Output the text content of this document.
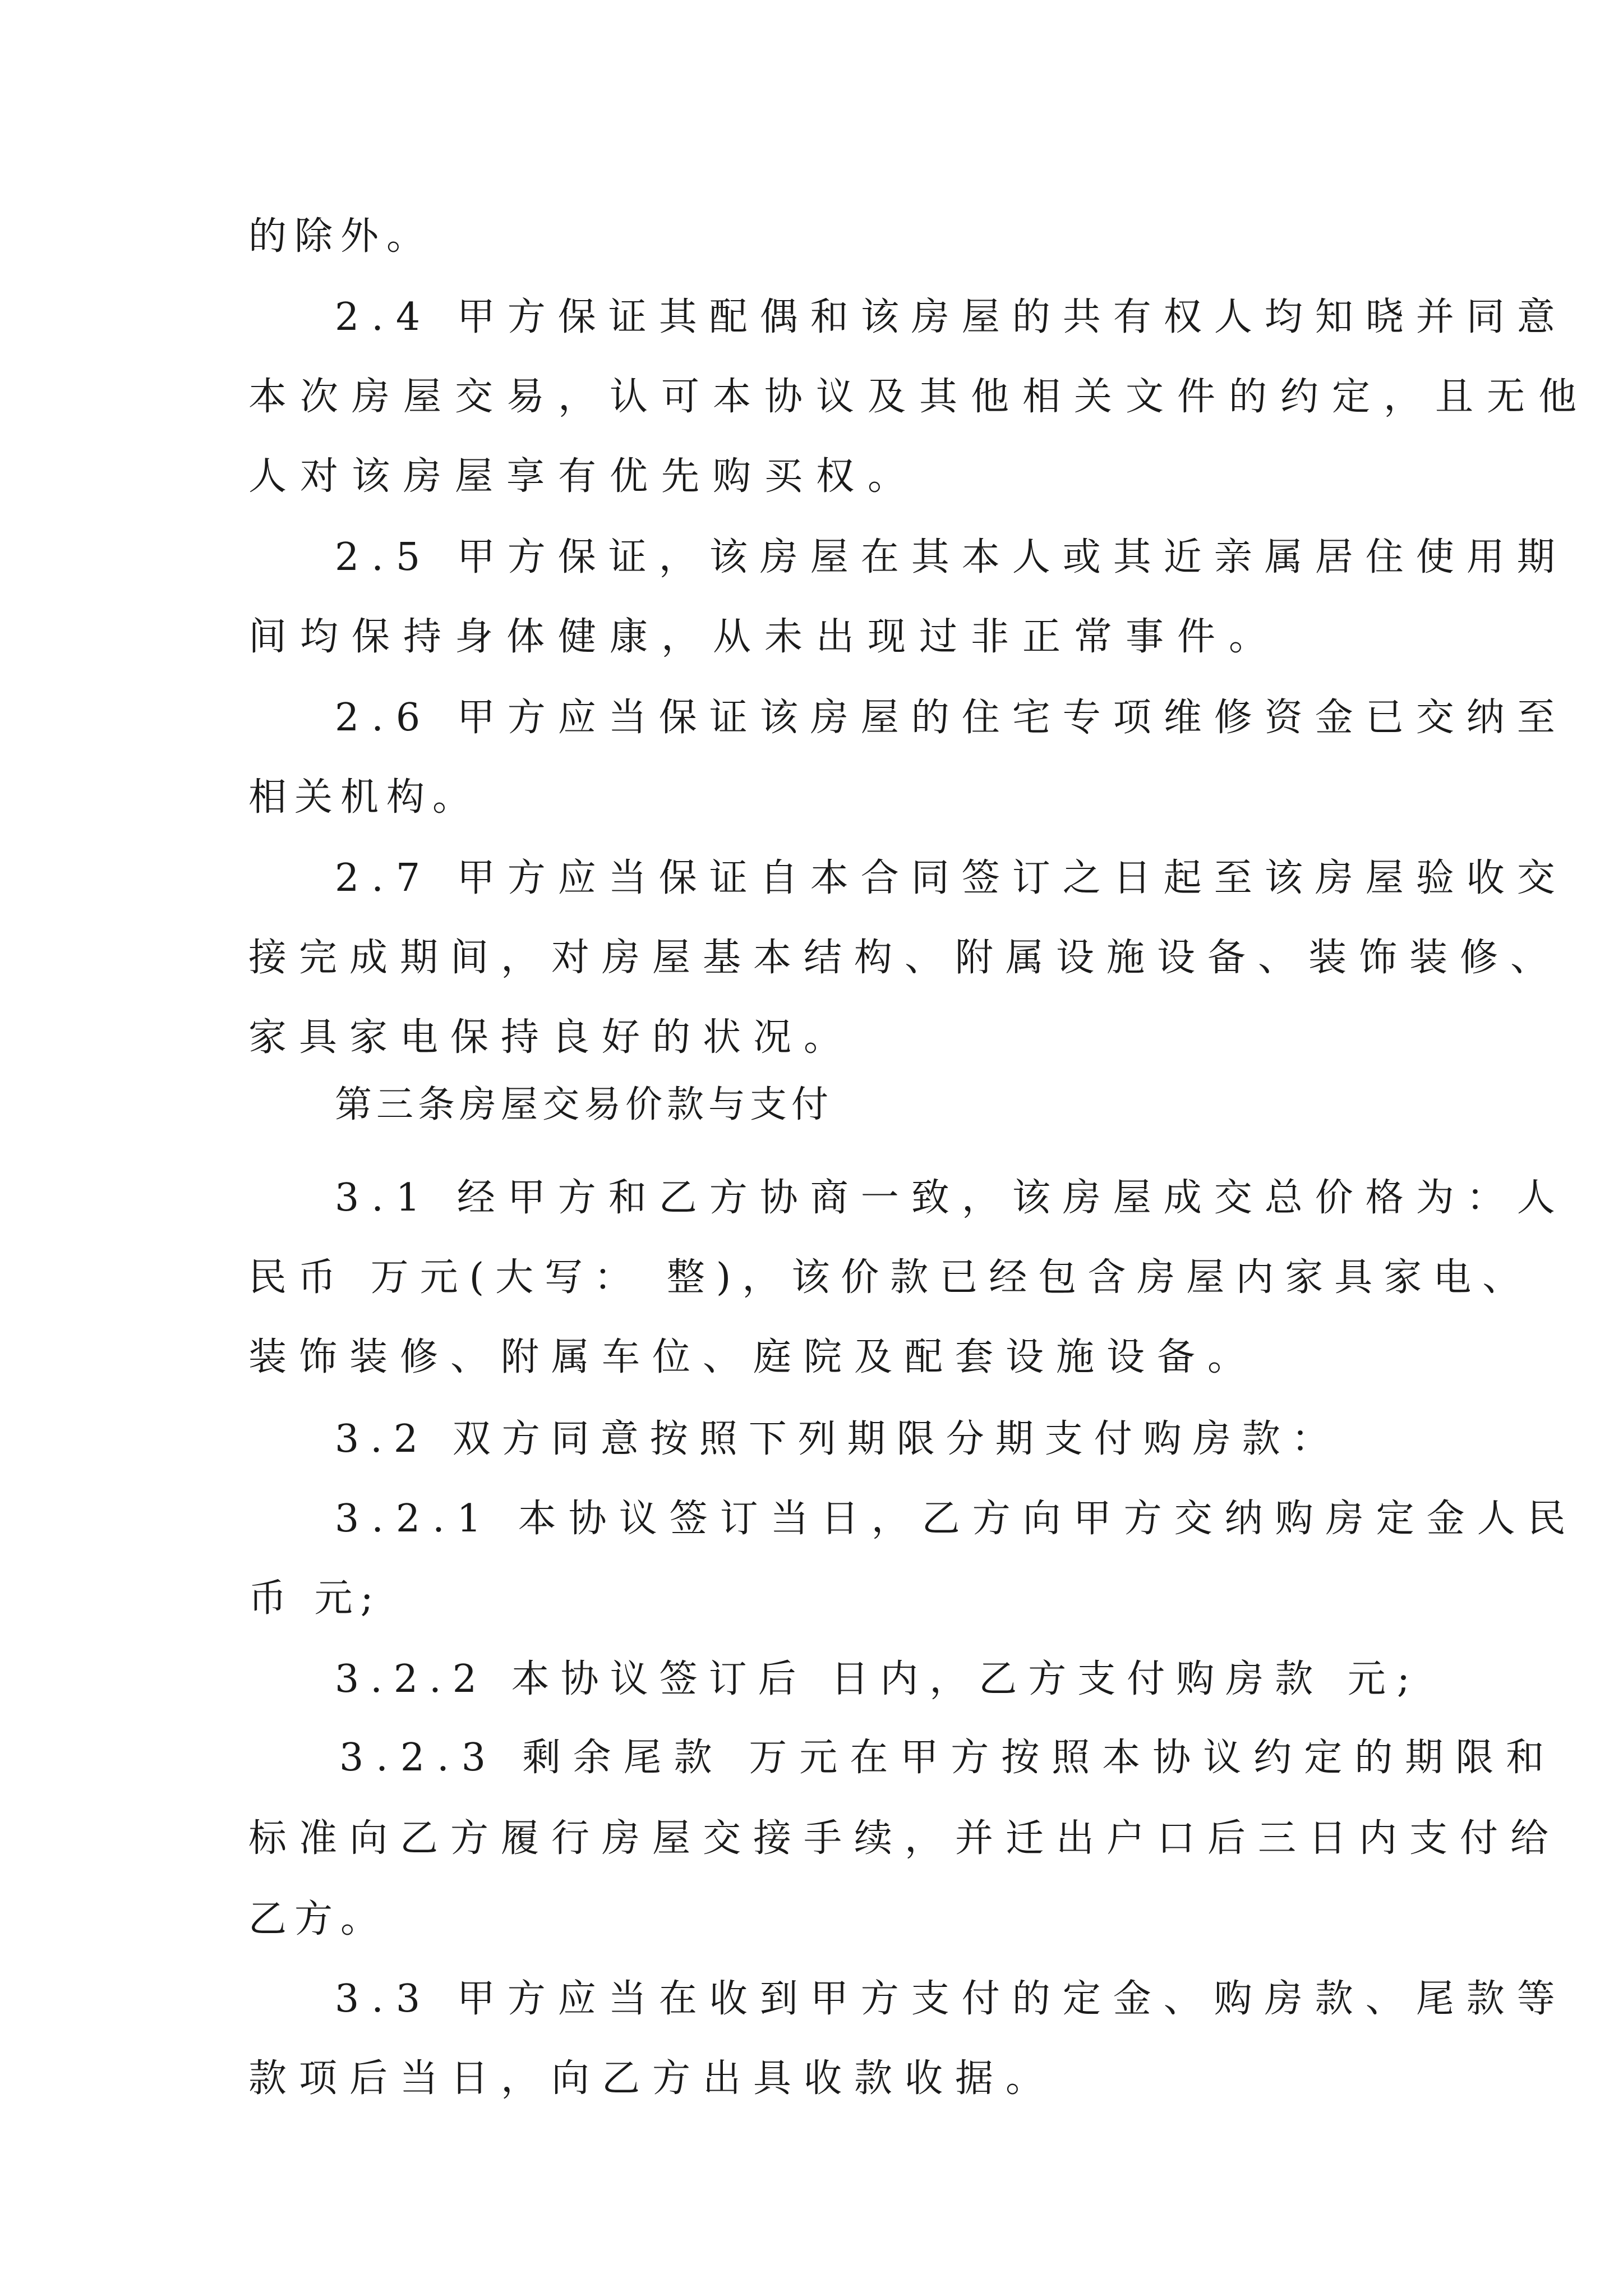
的除外。
2.4 甲方保证其配偶和该房屋的共有权人均知晓并同意
本次房屋交易，认可本协议及其他相关文件的约定，且无他
人对该房屋享有优先购买权。
2.5 甲方保证，该房屋在其本人或其近亲属居住使用期
间均保持身体健康，从未出现过非正常事件。
2.6 甲方应当保证该房屋的住宅专项维修资金已交纳至
相关机构。
2.7 甲方应当保证自本合同签订之日起至该房屋验收交
接完成期间，对房屋基本结构、附属设施设备、装饰装修、
家具家电保持良好的状况。
第三条房屋交易价款与支付
3.1 经甲方和乙方协商一致，该房屋成交总价格为：人
民币 万元(大写： 整)，该价款已经包含房屋内家具家电、
装饰装修、附属车位、庭院及配套设施设备。
3.2 双方同意按照下列期限分期支付购房款：
3.2.1 本协议签订当日，乙方向甲方交纳购房定金人民
币 元;
3.2.2 本协议签订后 日内，乙方支付购房款 元;
3.2.3 剩余尾款 万元在甲方按照本协议约定的期限和
标准向乙方履行房屋交接手续，并迁出户口后三日内支付给
乙方。
3.3 甲方应当在收到甲方支付的定金、购房款、尾款等
款项后当日，向乙方出具收款收据。
